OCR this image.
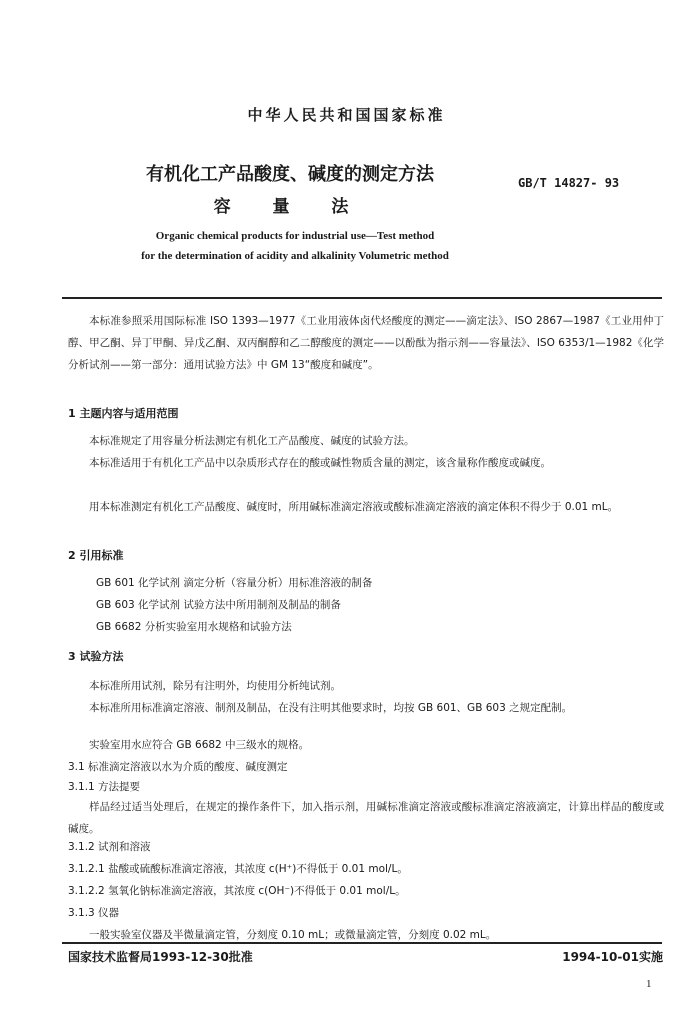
中华人民共和国国家标准
有机化工产品酸度、碱度的测定方法
容 量 法
GB/T 14827- 93
Organic chemical products for industrial use—Test method
for the determination of acidity and alkalinity Volumetric method
本标准参照采用国际标准 ISO 1393—1977《工业用液体卤代烃酸度的测定——滴定法》、ISO 2867—1987《工业用仲丁醇、甲乙酮、异丁甲酮、异戊乙酮、双丙酮醇和乙二醇酸度的测定——以酚酞为指示剂——容量法》、ISO 6353/1—1982《化学分析试剂——第一部分：通用试验方法》中 GM 13“酸度和碱度”。
1 主题内容与适用范围
本标准规定了用容量分析法测定有机化工产品酸度、碱度的试验方法。
本标准适用于有机化工产品中以杂质形式存在的酸或碱性物质含量的测定，该含量称作酸度或碱度。
用本标准测定有机化工产品酸度、碱度时，所用碱标准滴定溶液或酸标准滴定溶液的滴定体积不得少于 0.01 mL。
2 引用标准
GB 601 化学试剂 滴定分析（容量分析）用标准溶液的制备
GB 603 化学试剂 试验方法中所用制剂及制品的制备
GB 6682 分析实验室用水规格和试验方法
3 试验方法
本标准所用试剂，除另有注明外，均使用分析纯试剂。
本标准所用标准滴定溶液、制剂及制品，在没有注明其他要求时，均按 GB 601、GB 603 之规定配制。
实验室用水应符合 GB 6682 中三级水的规格。
3.1 标准滴定溶液以水为介质的酸度、碱度测定
3.1.1 方法提要
样品经过适当处理后，在规定的操作条件下，加入指示剂，用碱标准滴定溶液或酸标准滴定溶液滴定，计算出样品的酸度或碱度。
3.1.2 试剂和溶液
3.1.2.1 盐酸或硫酸标准滴定溶液，其浓度 c(H⁺)不得低于 0.01 mol/L。
3.1.2.2 氢氧化钠标准滴定溶液，其浓度 c(OH⁻)不得低于 0.01 mol/L。
3.1.3 仪器
国家技术监督局1993-12-30批准	1994-10-01实施
1
一般实验室仪器及半微量滴定管，分刻度 0.10 mL；或微量滴定管，分刻度 0.02 mL。
